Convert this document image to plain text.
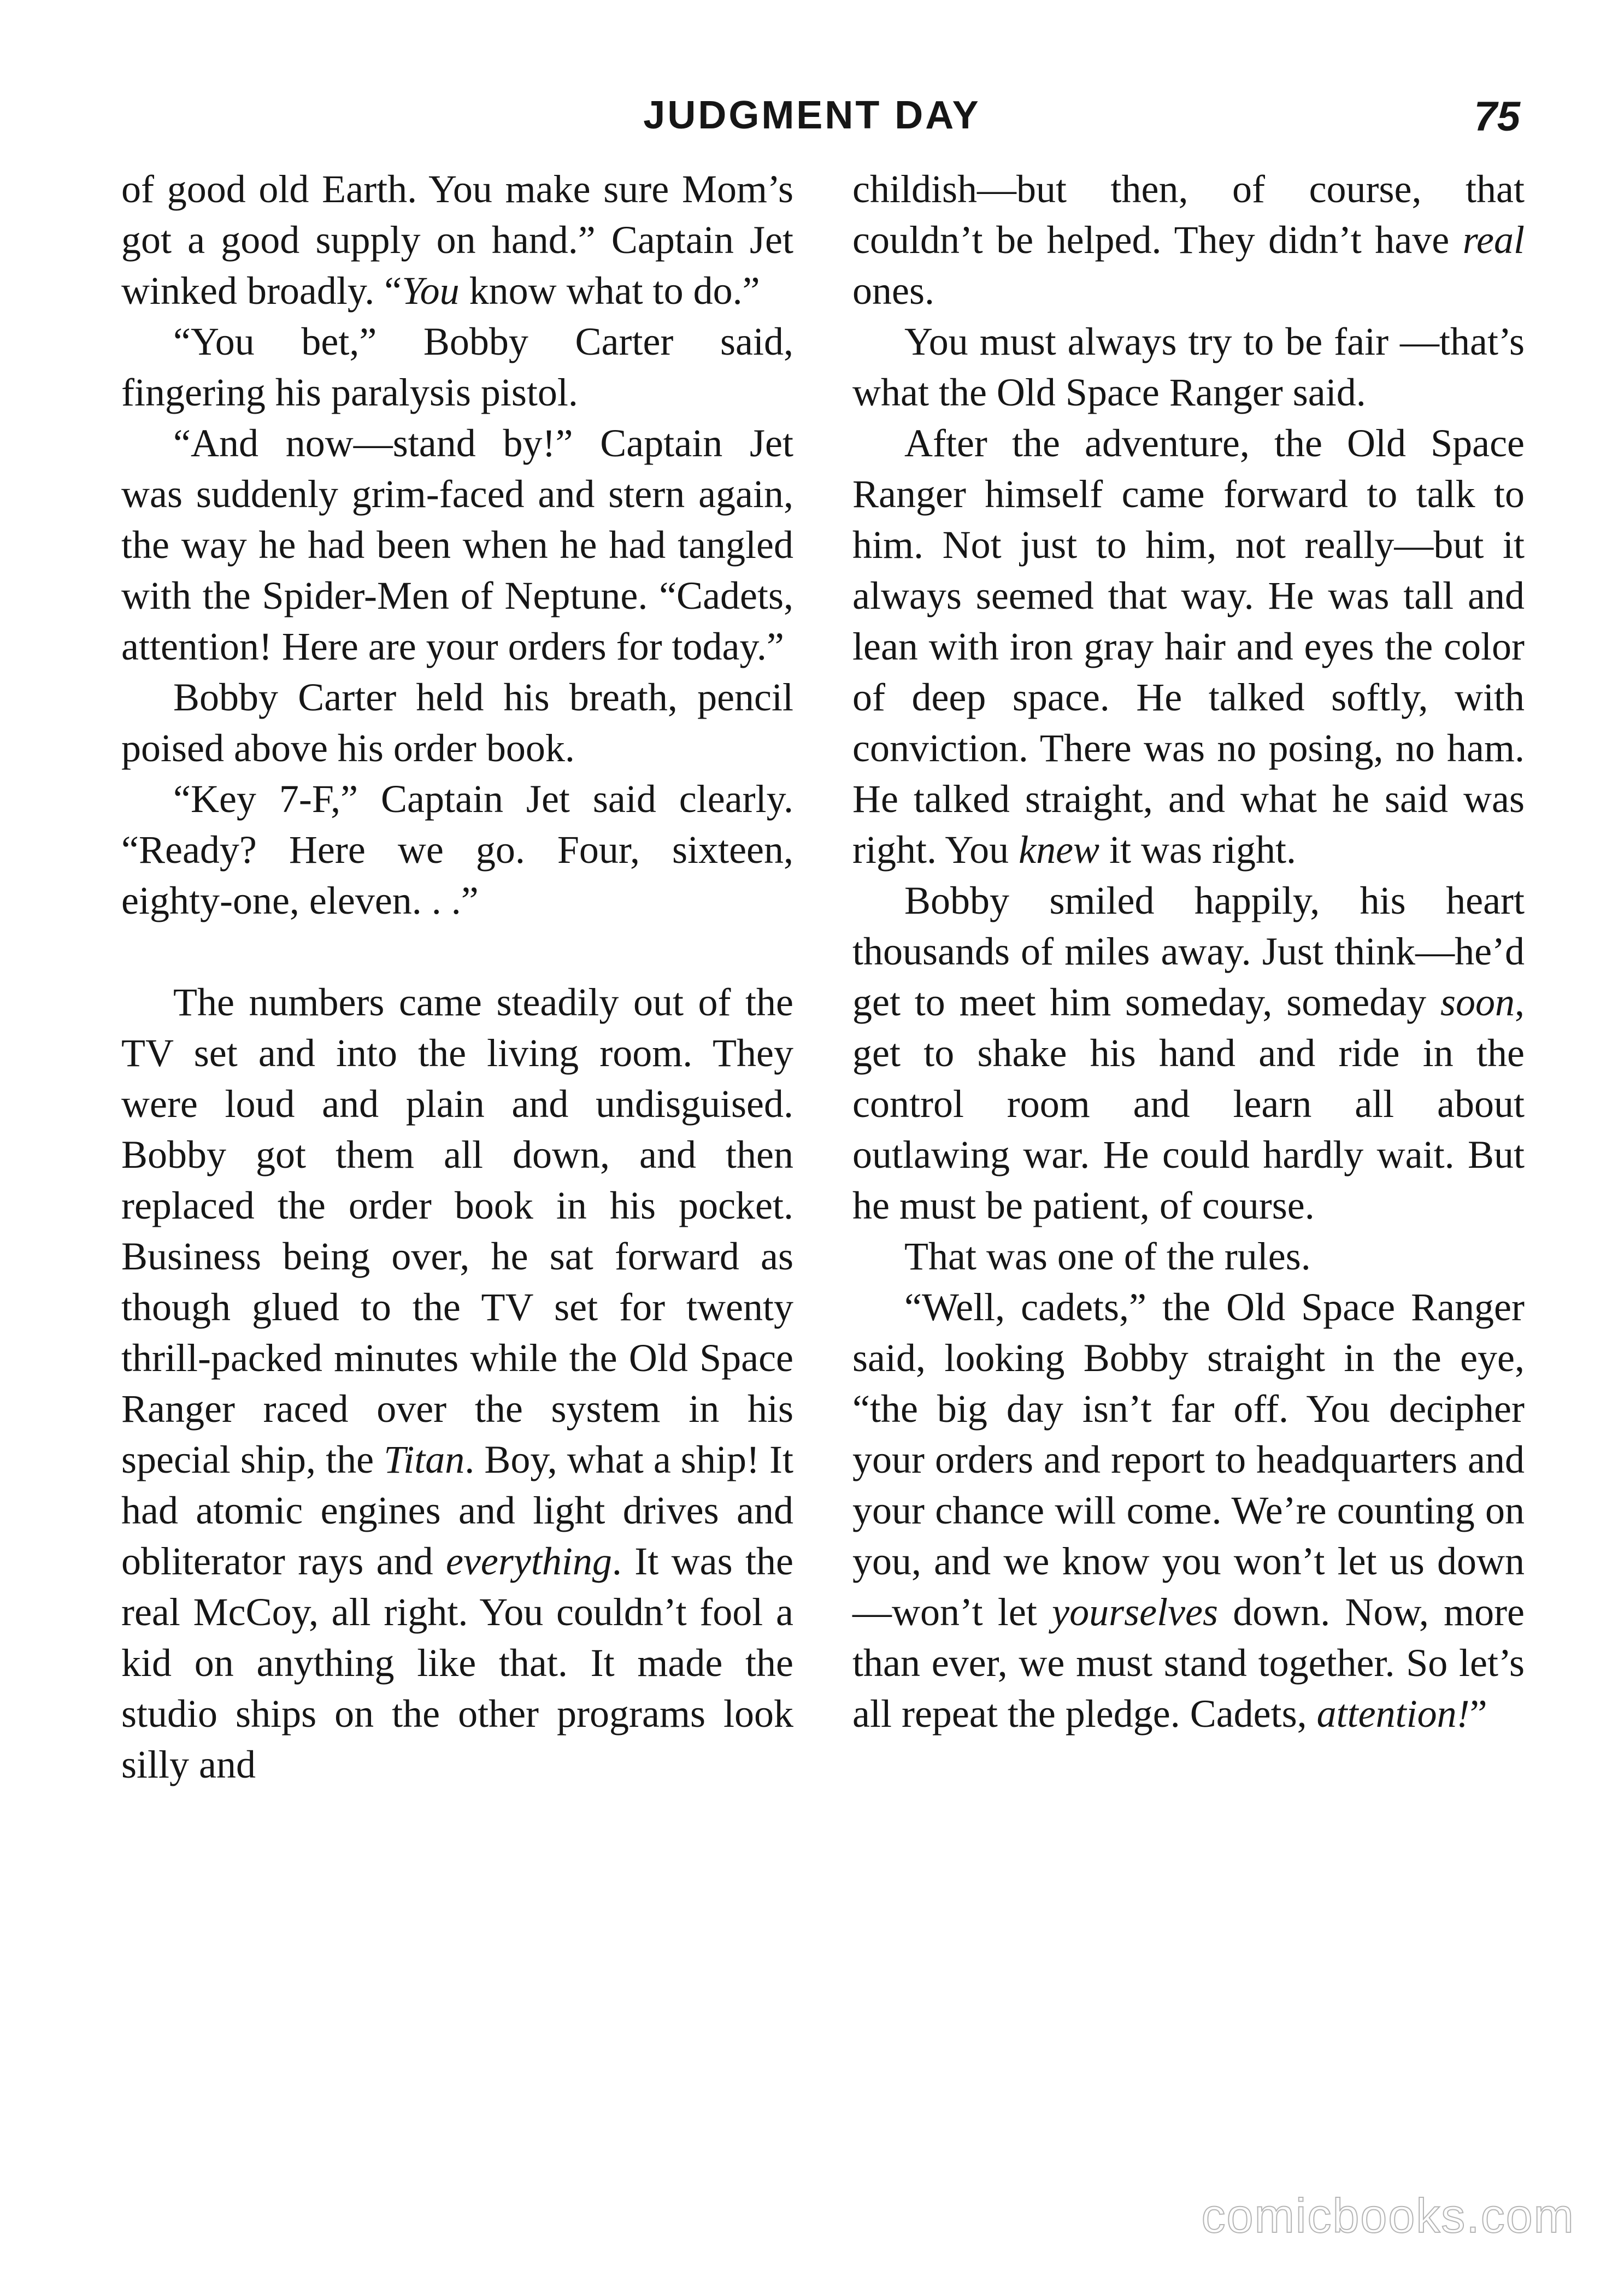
JUDGMENT DAY	75

of good old Earth. You make sure Mom’s got a good supply on hand.” Captain Jet winked broadly. “You know what to do.”

“You bet,” Bobby Carter said, fingering his paralysis pistol.

“And now—stand by!” Captain Jet was suddenly grim-faced and stern again, the way he had been when he had tangled with the Spider-Men of Neptune. “Cadets, attention! Here are your orders for today.”

Bobby Carter held his breath, pencil poised above his order book.

“Key 7-F,” Captain Jet said clearly. “Ready? Here we go. Four, sixteen, eighty-one, eleven. . .”

The numbers came steadily out of the TV set and into the living room. They were loud and plain and undisguised. Bobby got them all down, and then replaced the order book in his pocket. Business being over, he sat forward as though glued to the TV set for twenty thrill-packed minutes while the Old Space Ranger raced over the system in his special ship, the Titan. Boy, what a ship! It had atomic engines and light drives and obliterator rays and everything. It was the real McCoy, all right. You couldn’t fool a kid on anything like that. It made the studio ships on the other programs look silly and

childish—but then, of course, that couldn’t be helped. They didn’t have real ones.

You must always try to be fair —that’s what the Old Space Ranger said.

After the adventure, the Old Space Ranger himself came forward to talk to him. Not just to him, not really—but it always seemed that way. He was tall and lean with iron gray hair and eyes the color of deep space. He talked softly, with conviction. There was no posing, no ham. He talked straight, and what he said was right. You knew it was right.

Bobby smiled happily, his heart thousands of miles away. Just think—he’d get to meet him someday, someday soon, get to shake his hand and ride in the control room and learn all about outlawing war. He could hardly wait. But he must be patient, of course.

That was one of the rules.

“Well, cadets,” the Old Space Ranger said, looking Bobby straight in the eye, “the big day isn’t far off. You decipher your orders and report to headquarters and your chance will come. We’re counting on you, and we know you won’t let us down —won’t let yourselves down. Now, more than ever, we must stand together. So let’s all repeat the pledge. Cadets, attention!”

comicbooks.com
